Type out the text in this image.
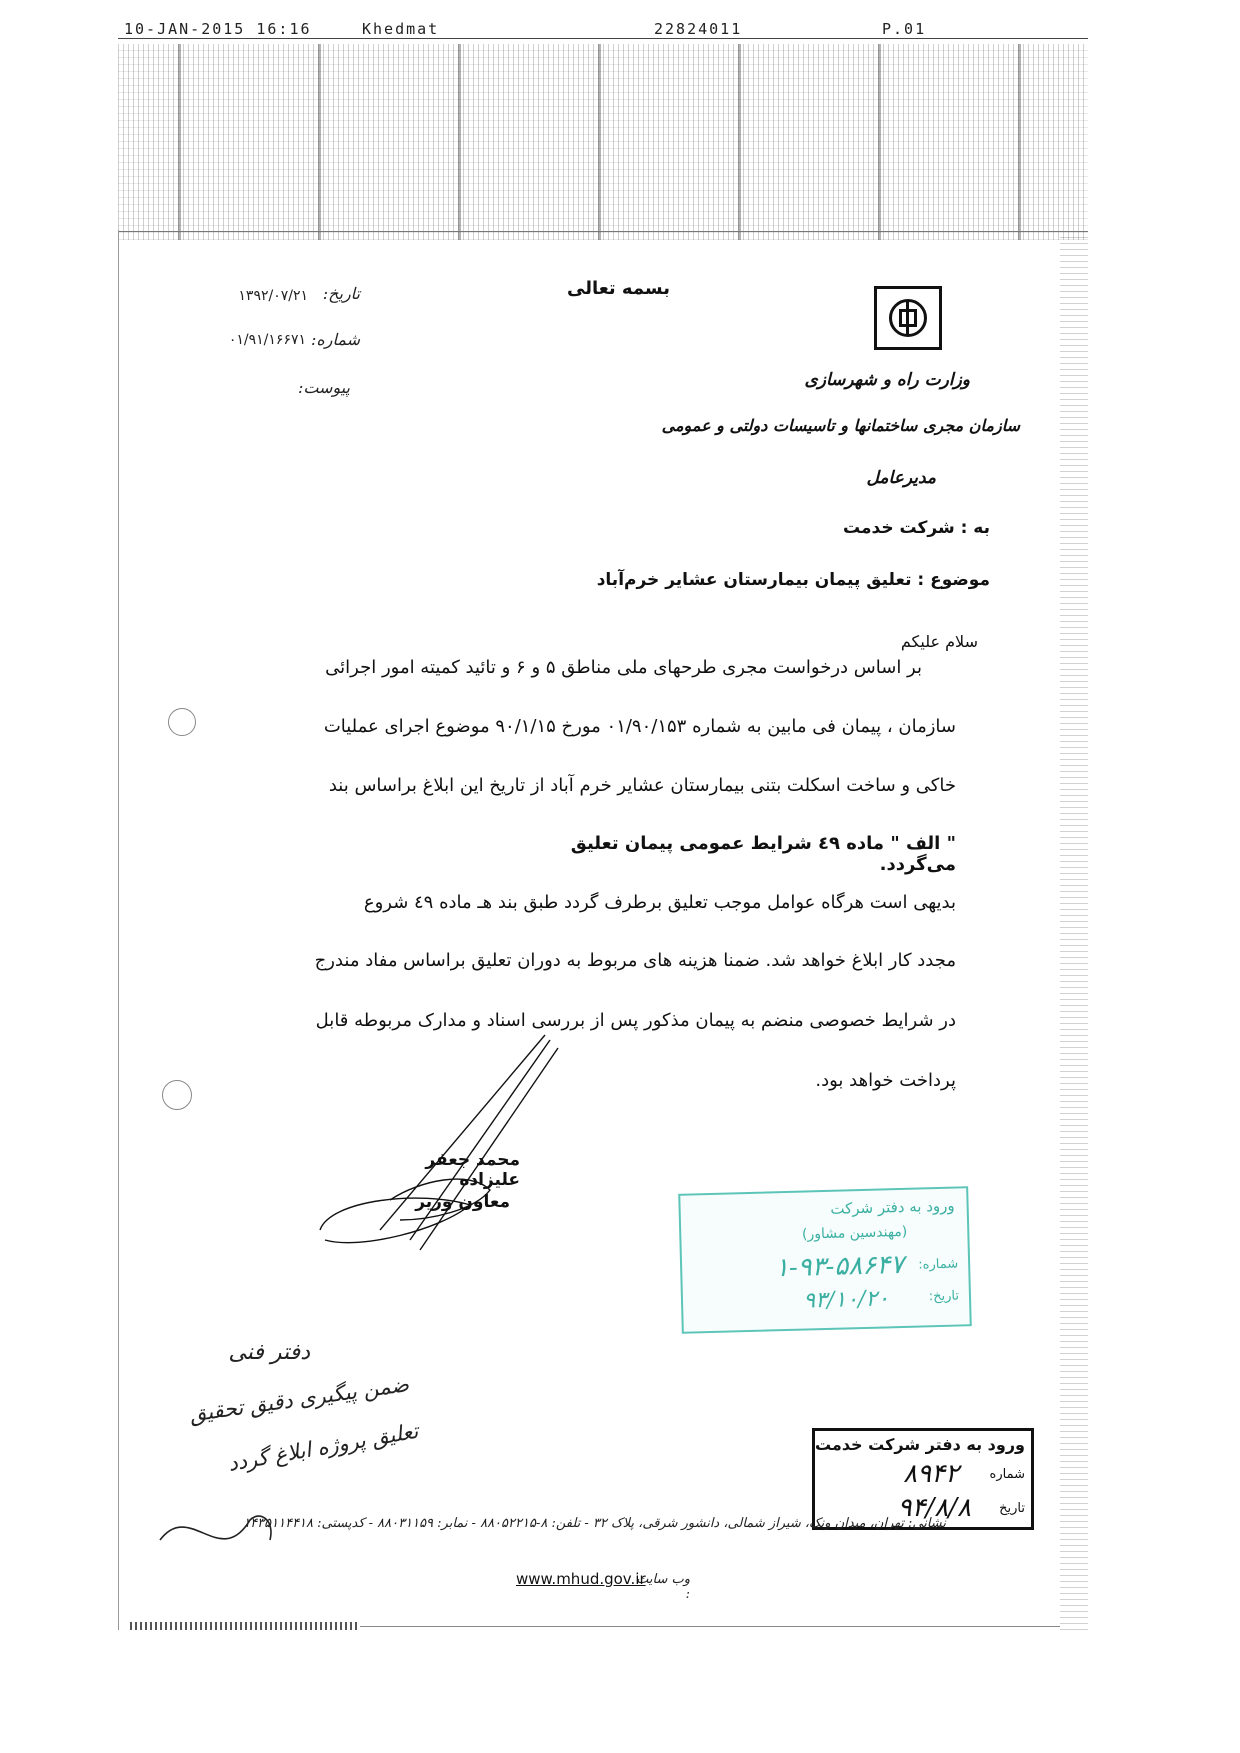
10-JAN-2015 16:16	Khedmat	22824011	P.01
تاریخ:
۱۳۹۲/۰۷/۲۱
شماره:
۰۱/۹۱/۱۶۶۷۱
پیوست:
بسمه تعالی
وزارت راه و شهرسازی
سازمان مجری ساختمانها و تاسیسات دولتی و عمومی
مدیرعامل
به : شرکت خدمت
موضوع : تعلیق پیمان بیمارستان عشایر خرم‌آباد
سلام علیکم
بر اساس درخواست مجری طرحهای ملی مناطق ۵ و ۶ و تائید کمیته امور اجرائی
سازمان ، پیمان فی مابین به شماره ۰۱/۹۰/۱۵۳ مورخ ۹۰/۱/۱۵ موضوع اجرای عملیات
خاکی و ساخت اسکلت بتنی بیمارستان عشایر خرم آباد از تاریخ این ابلاغ براساس بند
" الف " ماده ٤٩ شرایط عمومی پیمان تعلیق می‌گردد.
بدیهی است هرگاه عوامل موجب تعلیق برطرف گردد طبق بند هـ ماده ٤٩ شروع
مجدد کار ابلاغ خواهد شد. ضمنا هزینه های مربوط به دوران تعلیق براساس مفاد مندرج
در شرایط خصوصی منضم به پیمان مذکور پس از بررسی اسناد و مدارک مربوطه قابل
پرداخت خواهد بود.
محمد جعفر علیزاده
معاون وزیر	ورود به دفتر شرکت
(مهندسین مشاور)
شماره:
۱-۹۳-۵۸۶۴۷
تاریخ:
۹۳/۱۰/۲۰
دفتر فنی
ضمن پیگیری دقیق تحقیق
تعلیق پروژه ابلاغ گردد	ورود به دفتر شرکت خدمت
شماره
۸۹۴۲
تاریخ
۹۴/۸/۸
نشانی: تهران، میدان ونک، شیراز شمالی، دانشور شرقی، پلاک ۳۲ - تلفن: ۸-۸۸۰۵۲۲۱۵ - نمابر: ۸۸۰۳۱۱۵۹ - کدپستی: ۱۴۳۵۱۱۴۴۱۸
وب سایت :
www.mhud.gov.ir
